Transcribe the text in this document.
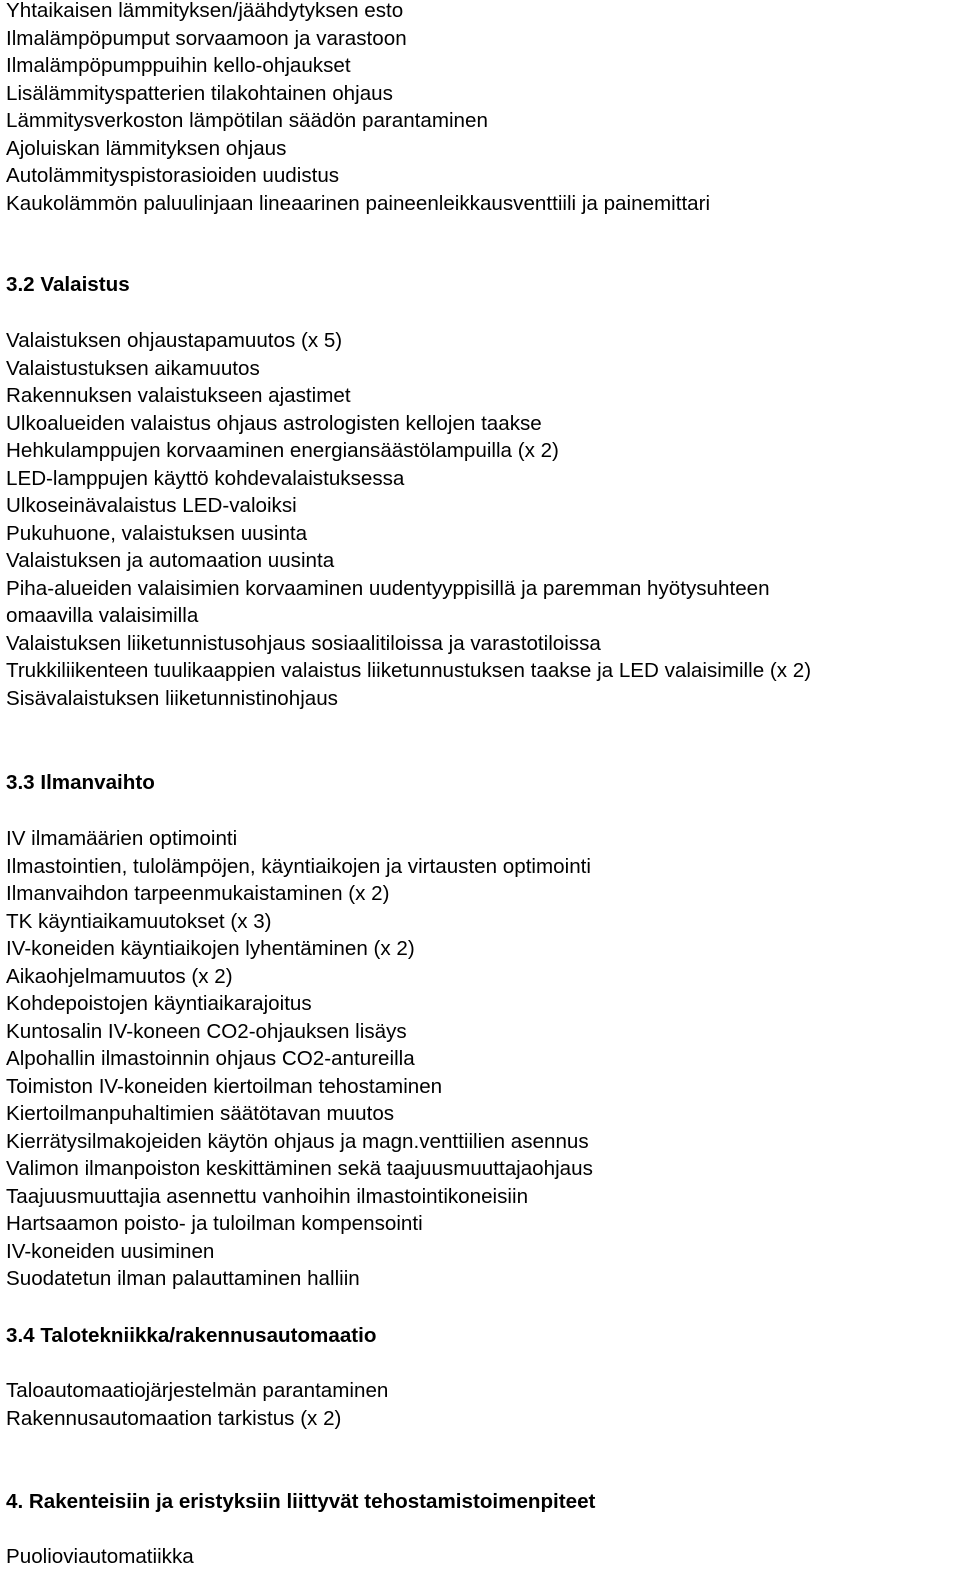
Yhtaikaisen lämmityksen/jäähdytyksen esto

Ilmalämpöpumput sorvaamoon ja varastoon

Ilmalämpöpumppuihin kello-ohjaukset

Lisälämmityspatterien tilakohtainen ohjaus

Lämmitysverkoston lämpötilan säädön parantaminen

Ajoluiskan lämmityksen ohjaus

Autolämmityspistorasioiden uudistus

Kaukolämmön paluulinjaan lineaarinen paineenleikkausventtiili ja painemittari

3.2 Valaistus

Valaistuksen ohjaustapamuutos (x 5)

Valaistustuksen aikamuutos

Rakennuksen valaistukseen ajastimet

Ulkoalueiden valaistus ohjaus astrologisten kellojen taakse

Hehkulamppujen korvaaminen energiansäästölampuilla (x 2)

LED-lamppujen käyttö kohdevalaistuksessa

Ulkoseinävalaistus LED-valoiksi

Pukuhuone, valaistuksen uusinta

Valaistuksen ja automaation uusinta

Piha-alueiden valaisimien korvaaminen uudentyyppisillä ja paremman hyötysuhteen

omaavilla valaisimilla

Valaistuksen liiketunnistusohjaus sosiaalitiloissa ja varastotiloissa

Trukkiliikenteen tuulikaappien valaistus liiketunnustuksen taakse ja LED valaisimille (x 2)

Sisävalaistuksen liiketunnistinohjaus

3.3 Ilmanvaihto

IV ilmamäärien optimointi

Ilmastointien, tulolämpöjen, käyntiaikojen ja virtausten optimointi

Ilmanvaihdon tarpeenmukaistaminen (x 2)

TK käyntiaikamuutokset (x 3)

IV-koneiden käyntiaikojen lyhentäminen (x 2)

Aikaohjelmamuutos (x 2)

Kohdepoistojen käyntiaikarajoitus

Kuntosalin IV-koneen CO2-ohjauksen lisäys

Alpohallin ilmastoinnin ohjaus CO2-antureilla

Toimiston IV-koneiden kiertoilman tehostaminen

Kiertoilmanpuhaltimien säätötavan muutos

Kierrätysilmakojeiden käytön ohjaus ja magn.venttiilien asennus

Valimon ilmanpoiston keskittäminen sekä taajuusmuuttajaohjaus

Taajuusmuuttajia asennettu vanhoihin ilmastointikoneisiin

Hartsaamon poisto- ja tuloilman kompensointi

IV-koneiden uusiminen

Suodatetun ilman palauttaminen halliin

3.4 Talotekniikka/rakennusautomaatio

Taloautomaatiojärjestelmän parantaminen

Rakennusautomaation tarkistus (x 2)

4. Rakenteisiin ja eristyksiin liittyvät tehostamistoimenpiteet

Puolioviautomatiikka
